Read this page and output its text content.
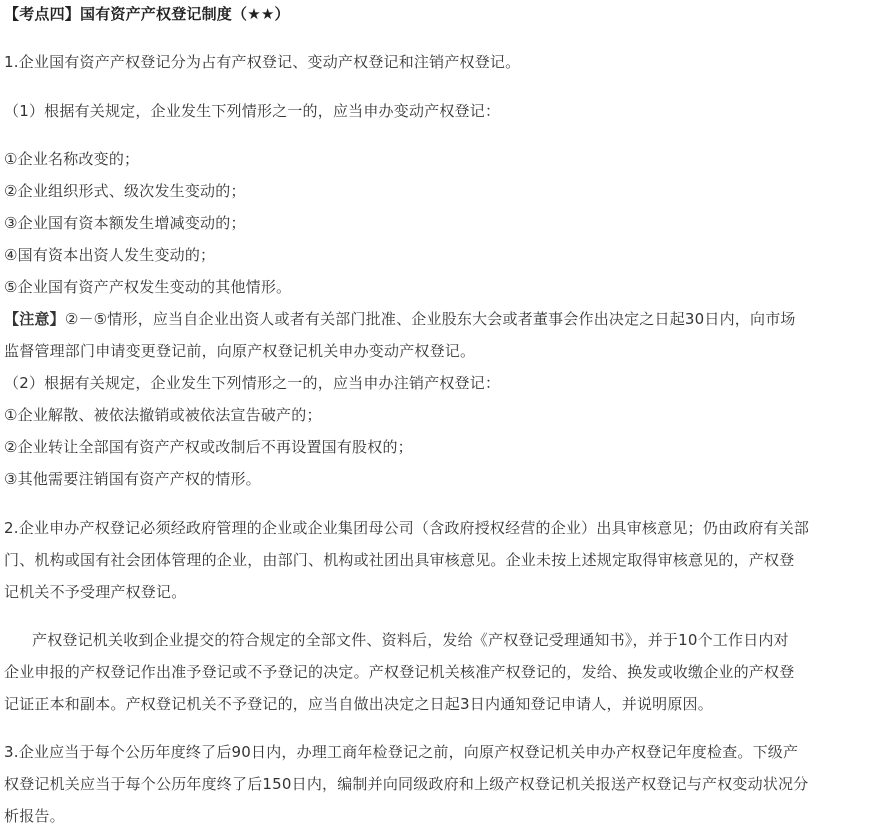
【考点四】国有资产产权登记制度（★★）
1.企业国有资产产权登记分为占有产权登记、变动产权登记和注销产权登记。
（1）根据有关规定，企业发生下列情形之一的，应当申办变动产权登记：
①企业名称改变的；
②企业组织形式、级次发生变动的；
③企业国有资本额发生增减变动的；
④国有资本出资人发生变动的；
⑤企业国有资产产权发生变动的其他情形。
【注意】②－⑤情形，应当自企业出资人或者有关部门批准、企业股东大会或者董事会作出决定之日起30日内，向市场
监督管理部门申请变更登记前，向原产权登记机关申办变动产权登记。
（2）根据有关规定，企业发生下列情形之一的，应当申办注销产权登记：
①企业解散、被依法撤销或被依法宣告破产的；
②企业转让全部国有资产产权或改制后不再设置国有股权的；
③其他需要注销国有资产产权的情形。
2.企业申办产权登记必须经政府管理的企业或企业集团母公司（含政府授权经营的企业）出具审核意见；仍由政府有关部
门、机构或国有社会团体管理的企业，由部门、机构或社团出具审核意见。企业未按上述规定取得审核意见的，产权登
记机关不予受理产权登记。
产权登记机关收到企业提交的符合规定的全部文件、资料后，发给《产权登记受理通知书》，并于10个工作日内对
企业申报的产权登记作出准予登记或不予登记的决定。产权登记机关核准产权登记的，发给、换发或收缴企业的产权登
记证正本和副本。产权登记机关不予登记的，应当自做出决定之日起3日内通知登记申请人，并说明原因。
3.企业应当于每个公历年度终了后90日内，办理工商年检登记之前，向原产权登记机关申办产权登记年度检查。下级产
权登记机关应当于每个公历年度终了后150日内，编制并向同级政府和上级产权登记机关报送产权登记与产权变动状况分
析报告。
